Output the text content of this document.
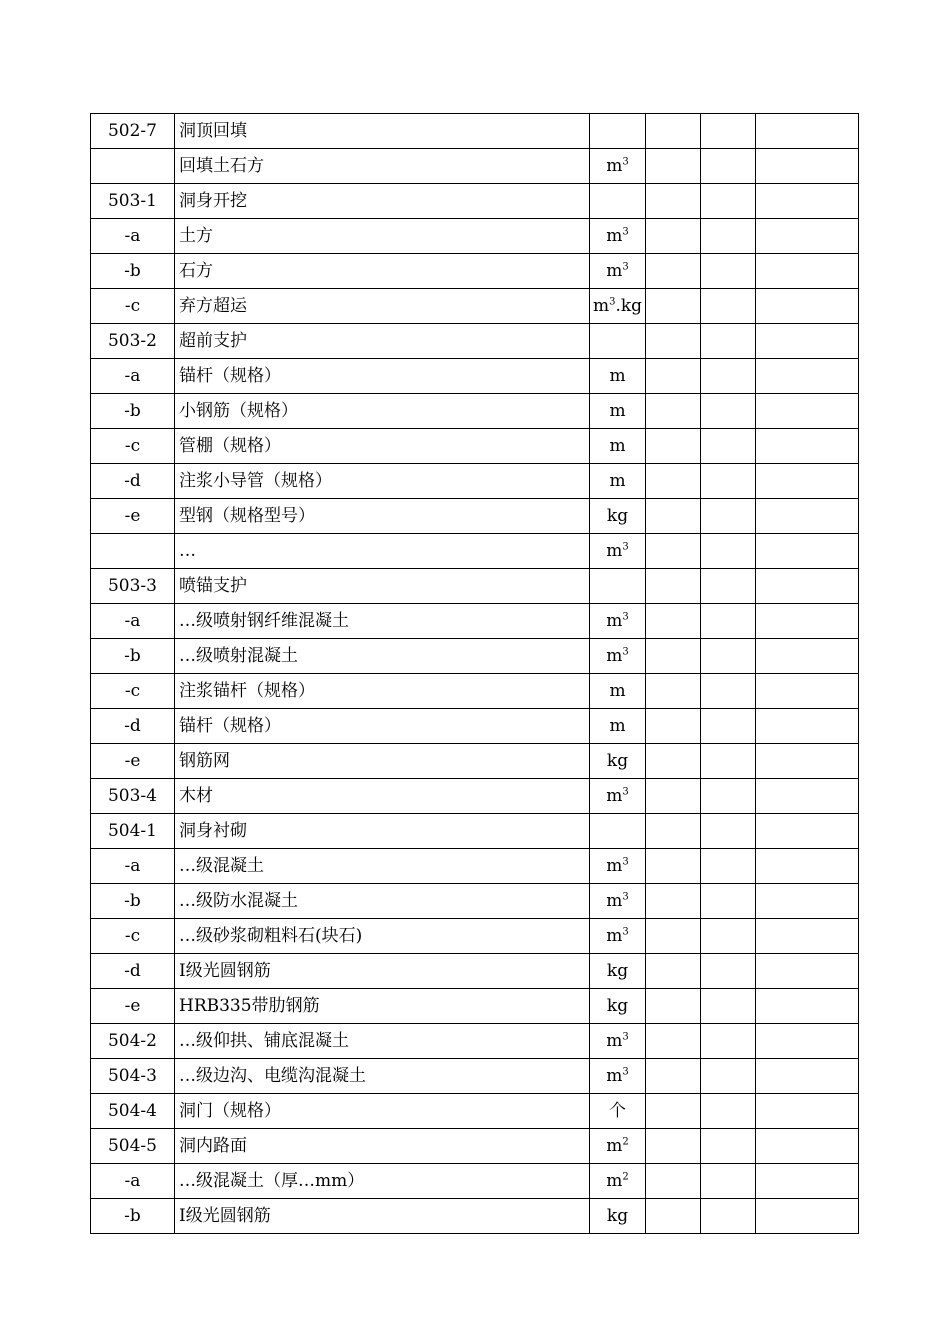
502-7	洞顶回填				
	回填土石方	$m^3$			
503-1	洞身开挖				
-a	土方	$m^3$			
-b	石方	$m^3$			
-c	弃方超运	$m^3.kg$			
503-2	超前支护				
-a	锚杆（规格）	m			
-b	小钢筋（规格）	m			
-c	管棚（规格）	m			
-d	注浆小导管（规格）	m			
-e	型钢（规格型号）	kg			
	…	$m^3$			
503-3	喷锚支护				
-a	…级喷射钢纤维混凝土	$m^3$			
-b	…级喷射混凝土	$m^3$			
-c	注浆锚杆（规格）	m			
-d	锚杆（规格）	m			
-e	钢筋网	kg			
503-4	木材	$m^3$			
504-1	洞身衬砌				
-a	…级混凝土	$m^3$			
-b	…级防水混凝土	$m^3$			
-c	…级砂浆砌粗料石(块石)	$m^3$			
-d	Ⅰ级光圆钢筋	kg			
-e	HRB335带肋钢筋	kg			
504-2	…级仰拱、铺底混凝土	$m^3$			
504-3	…级边沟、电缆沟混凝土	$m^3$			
504-4	洞门（规格）	个			
504-5	洞内路面	$m^2$			
-a	…级混凝土（厚…mm）	$m^2$			
-b	Ⅰ级光圆钢筋	kg			
